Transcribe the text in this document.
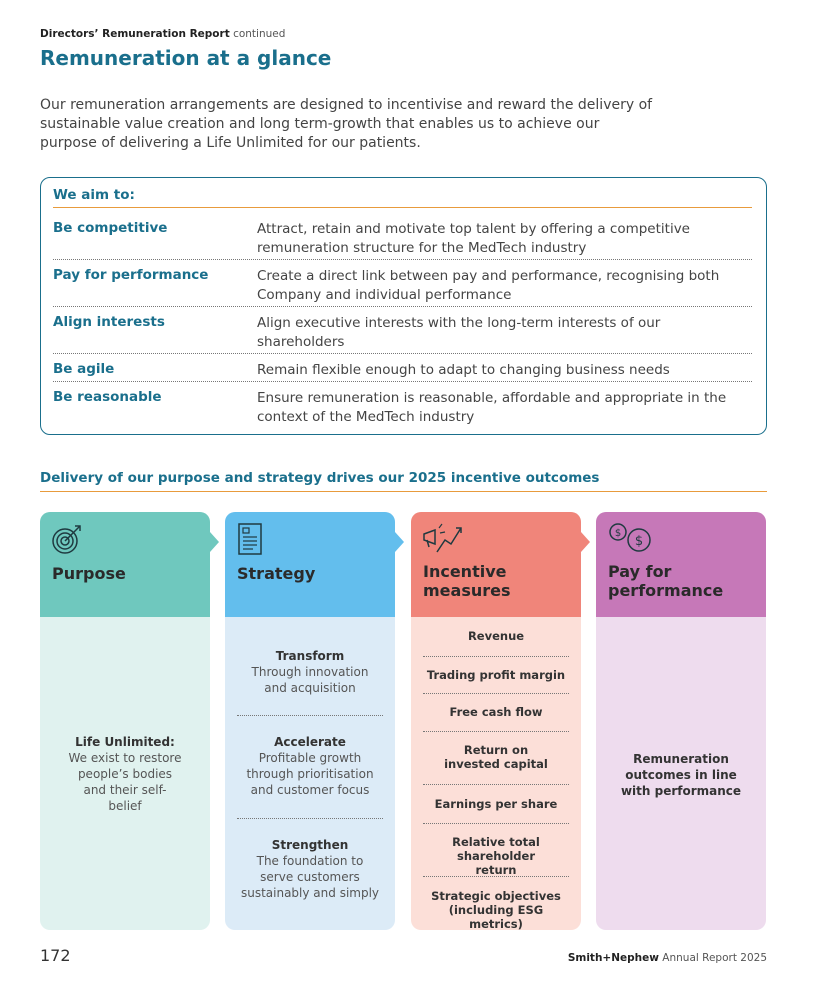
Directors’ Remuneration Report continued
Remuneration at a glance

Our remuneration arrangements are designed to incentivise and reward the delivery of sustainable value creation and long term-growth that enables us to achieve our purpose of delivering a Life Unlimited for our patients.

We aim to:
Be competitive	Attract, retain and motivate top talent by offering a competitive remuneration structure for the MedTech industry
Pay for performance	Create a direct link between pay and performance, recognising both Company and individual performance
Align interests	Align executive interests with the long-term interests of our shareholders
Be agile	Remain flexible enough to adapt to changing business needs
Be reasonable	Ensure remuneration is reasonable, affordable and appropriate in the context of the MedTech industry
Delivery of our purpose and strategy drives our 2025 incentive outcomes
Purpose
Life Unlimited:
We exist to restore people’s bodies and their self-belief
Strategy
Transform
Through innovation and acquisition
Accelerate
Profitable growth through prioritisation and customer focus
Strengthen
The foundation to serve customers sustainably and simply
Incentive
measures
Revenue
Trading profit margin
Free cash flow
Return on invested capital
Earnings per share
Relative total shareholder return
Strategic objectives (including ESG metrics)
$
$
Pay for
performance
Remuneration outcomes in line with performance
172	Smith+Nephew Annual Report 2025
